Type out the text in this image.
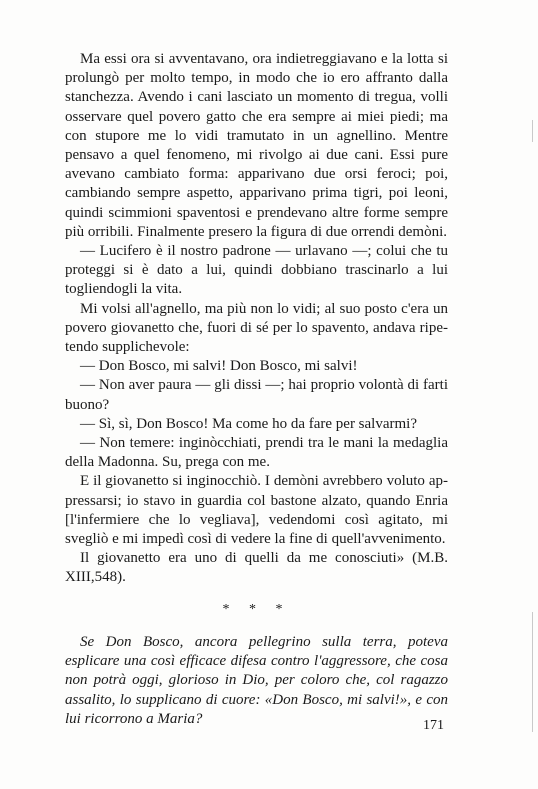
Ma essi ora si avventavano, ora indietreggiavano e la lotta si prolungò per molto tempo, in modo che io ero affranto dalla stanchezza. Avendo i cani lasciato un momento di tregua, volli osservare quel povero gatto che era sempre ai miei piedi; ma con stupore me lo vidi tramutato in un agnellino. Mentre pensavo a quel fenomeno, mi rivolgo ai due cani. Essi pure avevano cambiato forma: apparivano due orsi feroci; poi, cambiando sempre aspetto, apparivano prima tigri, poi leoni, quindi scimmioni spaventosi e prendevano altre forme sempre più orribili. Finalmente presero la figura di due orrendi demòni.

— Lucifero è il nostro padrone — urlavano —; colui che tu proteggi si è dato a lui, quindi dobbiano trascinarlo a lui togliendogli la vita.

Mi volsi all'agnello, ma più non lo vidi; al suo posto c'era un povero giovanetto che, fuori di sé per lo spavento, andava ripetendo supplichevole:

— Don Bosco, mi salvi! Don Bosco, mi salvi!

— Non aver paura — gli dissi —; hai proprio volontà di farti buono?

— Sì, sì, Don Bosco! Ma come ho da fare per salvarmi?

— Non temere: inginòcchiati, prendi tra le mani la medaglia della Madonna. Su, prega con me.

E il giovanetto si inginocchiò. I demòni avrebbero voluto appressarsi; io stavo in guardia col bastone alzato, quando Enria [l'infermiere che lo vegliava], vedendomi così agitato, mi svegliò e mi impedì così di vedere la fine di quell'avvenimento.

Il giovanetto era uno di quelli da me conosciuti» (M.B. XIII,548).

* * *

Se Don Bosco, ancora pellegrino sulla terra, poteva esplicare una così efficace difesa contro l'aggressore, che cosa non potrà oggi, glorioso in Dio, per coloro che, col ragazzo assalito, lo supplicano di cuore: «Don Bosco, mi salvi!», e con lui ricorrono a Maria?	171
